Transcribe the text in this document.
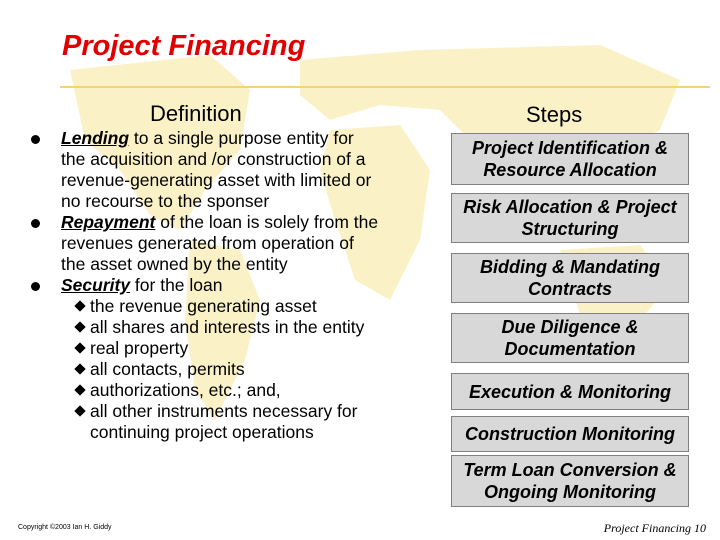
Project Financing
Definition	Steps
Lending to a single purpose entity for the acquisition and /or construction of a revenue-generating asset with limited or no recourse to the sponser
Repayment of the loan is solely from the revenues generated from operation of the asset owned by the entity
Security for the loan
the revenue generating asset
all shares and interests in the entity
real property
all contacts, permits
authorizations, etc.; and,
all other instruments necessary for continuing project operations
Project Identification & Resource Allocation
Risk Allocation & Project Structuring
Bidding & Mandating Contracts
Due Diligence & Documentation
Execution & Monitoring
Construction Monitoring
Term Loan Conversion & Ongoing Monitoring
Copyright ©2003 Ian H. Giddy	Project Financing 10
